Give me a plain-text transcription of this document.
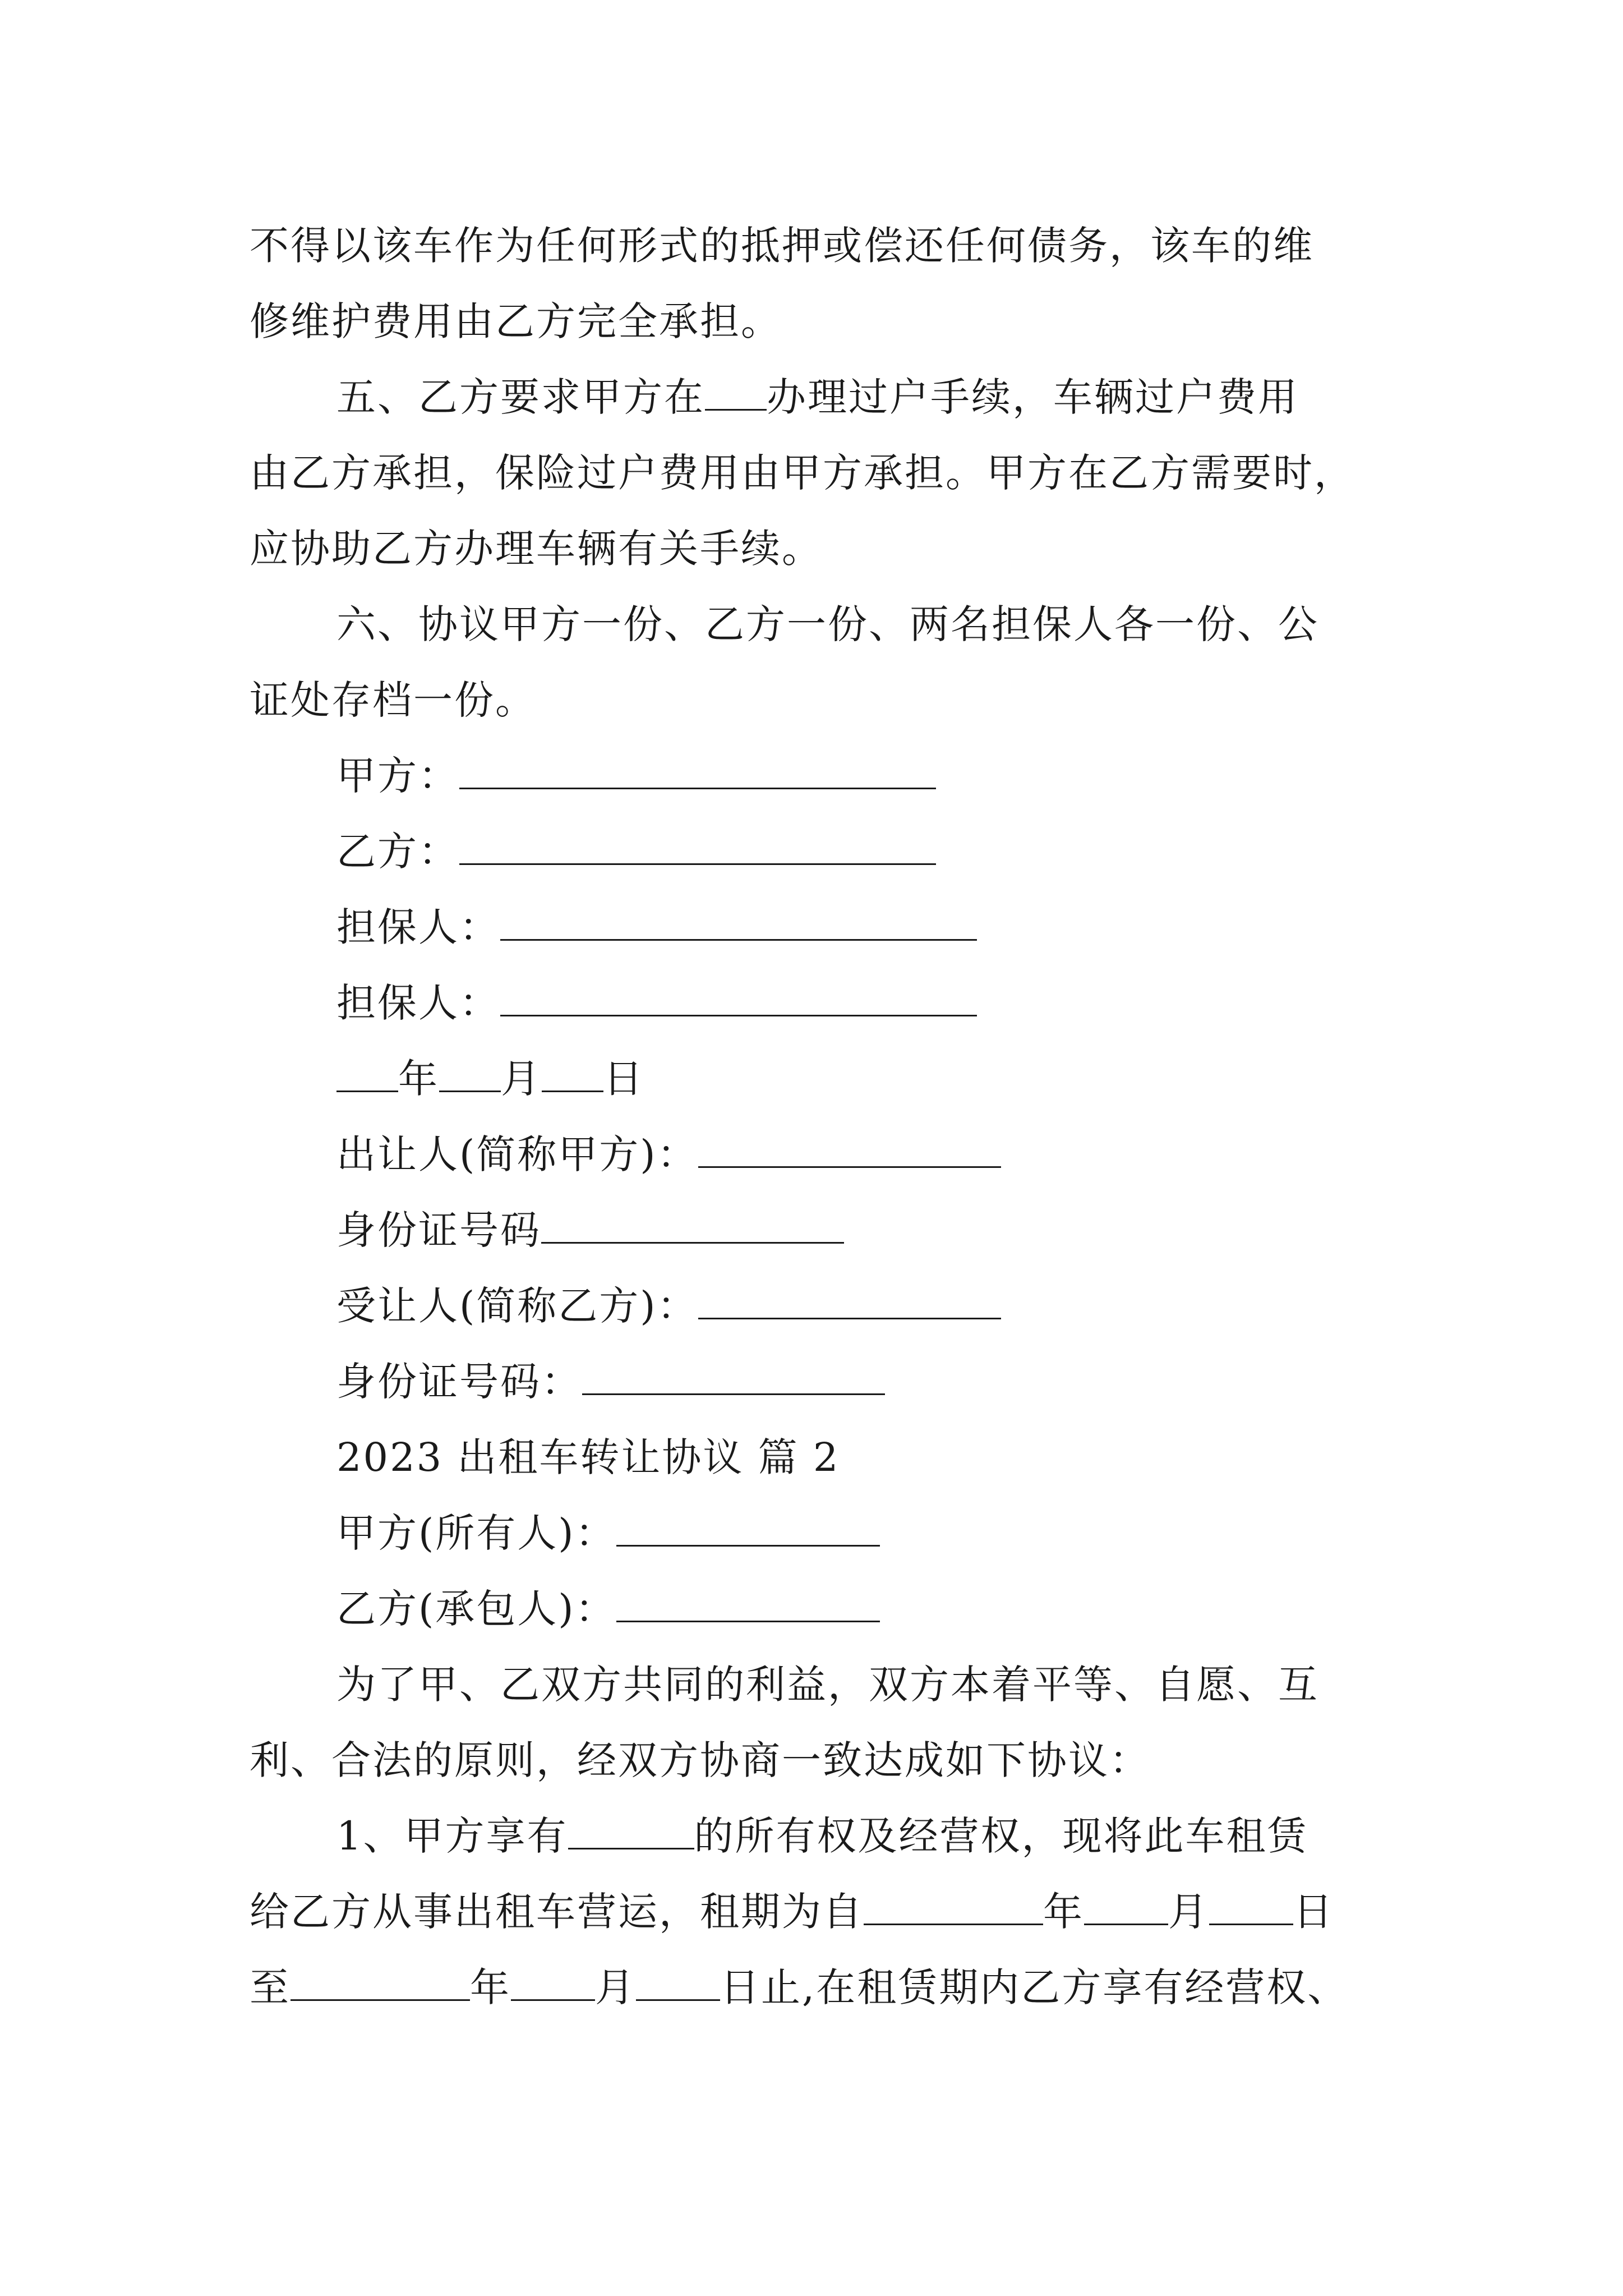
不得以该车作为任何形式的抵押或偿还任何债务，该车的维
修维护费用由乙方完全承担。
五、乙方要求甲方在 办理过户手续，车辆过户费用
由乙方承担，保险过户费用由甲方承担。甲方在乙方需要时，
应协助乙方办理车辆有关手续。
六、协议甲方一份、乙方一份、两名担保人各一份、公
证处存档一份。
甲方：
乙方：
担保人：
担保人：
年 月 日
出让人(简称甲方)：
身份证号码
受让人(简称乙方)：
身份证号码：
2023 出租车转让协议 篇 2
甲方(所有人)：
乙方(承包人)：
为了甲、乙双方共同的利益，双方本着平等、自愿、互
利、合法的原则，经双方协商一致达成如下协议：
1、甲方享有	的所有权及经营权，现将此车租赁
给乙方从事出租车营运，租期为自	年 月 日
至	年 月 日止,在租赁期内乙方享有经营权、
